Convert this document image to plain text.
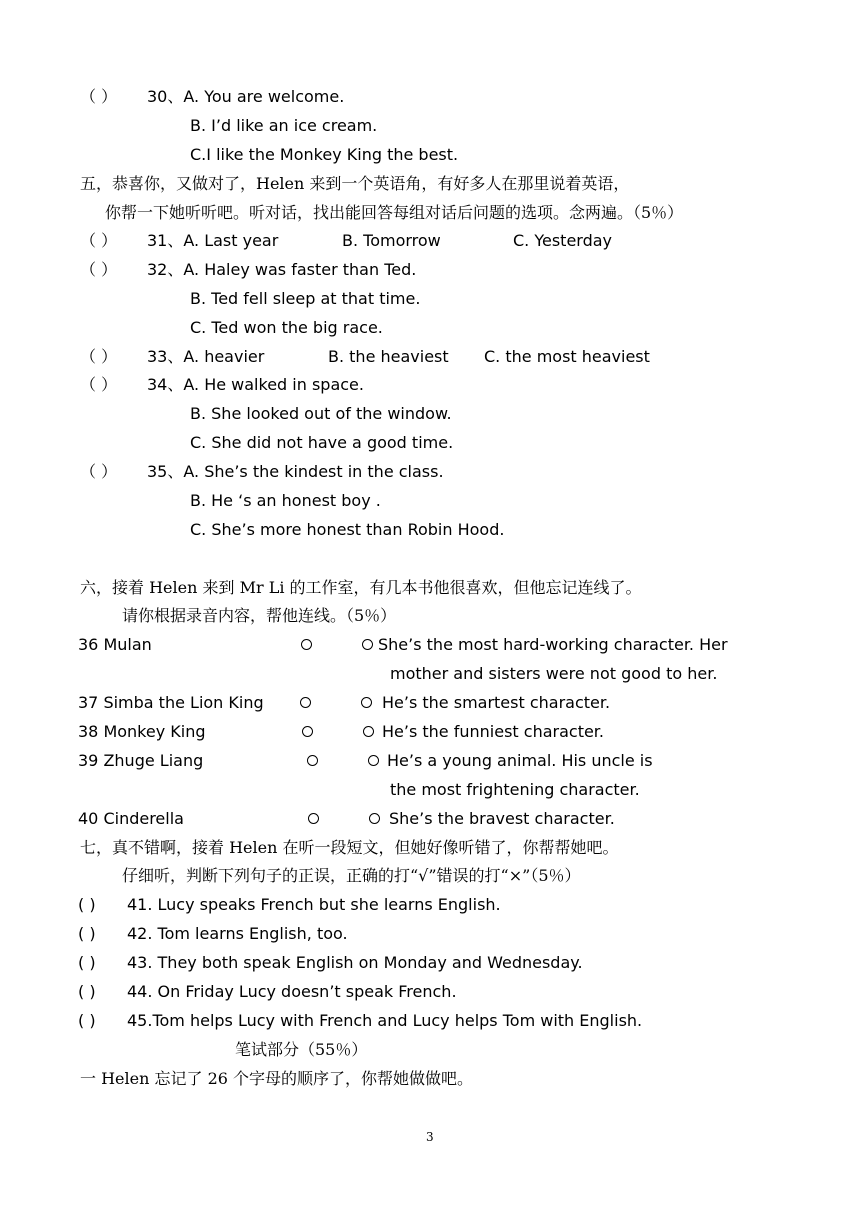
（ ） 30、A. You are welcome.
B. I’d like an ice cream.
C.I like the Monkey King the best.
五，恭喜你，又做对了，Helen 来到一个英语角，有好多人在那里说着英语，
你帮一下她听听吧。听对话，找出能回答每组对话后问题的选项。念两遍。（5％）
（ ） 31、A. Last year	B. Tomorrow	C. Yesterday
（ ） 32、A. Haley was faster than Ted.
B. Ted fell sleep at that time.
C. Ted won the big race.
（ ） 33、A. heavier	B. the heaviest C. the most heaviest
（ ） 34、A. He walked in space.
B. She looked out of the window.
C. She did not have a good time.
（ ） 35、A. She’s the kindest in the class.
B. He ‘s an honest boy .
C. She’s more honest than Robin Hood.
六，接着 Helen 来到 Mr Li 的工作室，有几本书他很喜欢，但他忘记连线了。
请你根据录音内容，帮他连线。（5％）
36 Mulan	She’s the most hard-working character. Her
mother and sisters were not good to her.
37 Simba the Lion King	He’s the smartest character.
38 Monkey King	He’s the funniest character.
39 Zhuge Liang	He’s a young animal. His uncle is
the most frightening character.
40 Cinderella	She’s the bravest character.
七，真不错啊，接着 Helen 在听一段短文，但她好像听错了，你帮帮她吧。
仔细听，判断下列句子的正误，正确的打“√”错误的打“×”（5％）
( ) 41. Lucy speaks French but she learns English.
( ) 42. Tom learns English, too.
( ) 43. They both speak English on Monday and Wednesday.
( ) 44. On Friday Lucy doesn’t speak French.
( ) 45.Tom helps Lucy with French and Lucy helps Tom with English.
笔试部分（55％）
一 Helen 忘记了 26 个字母的顺序了，你帮她做做吧。
3
